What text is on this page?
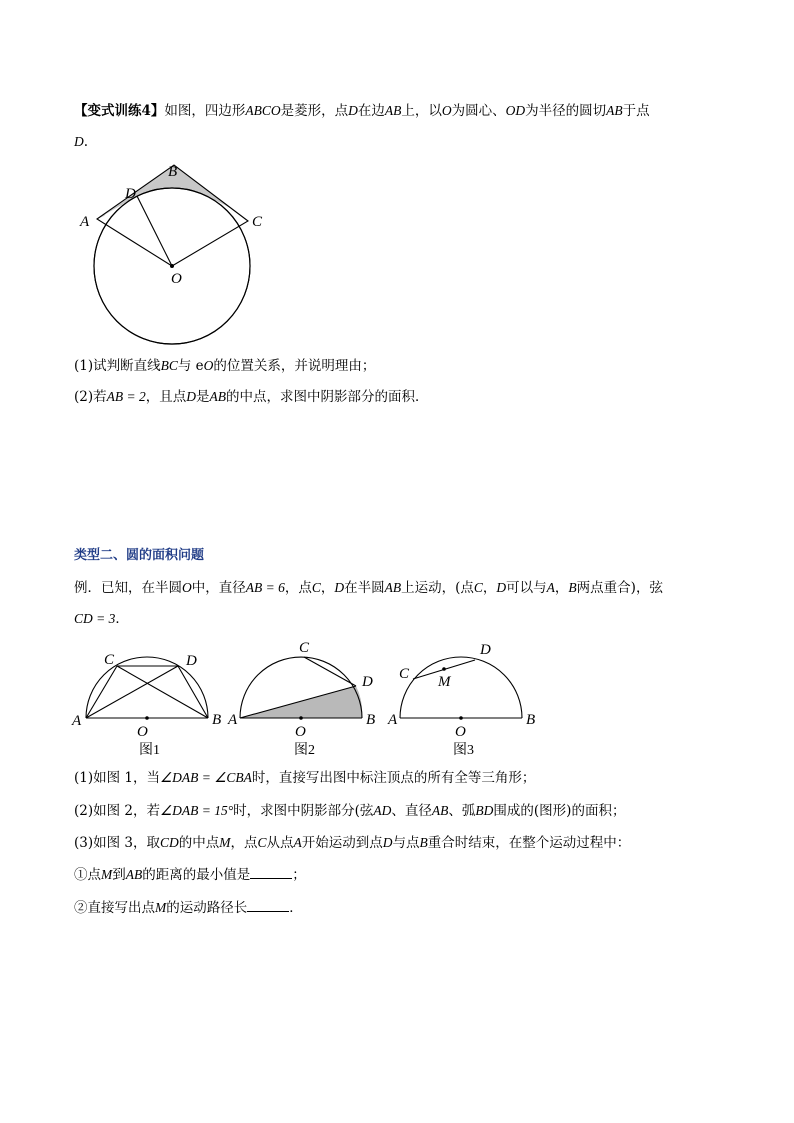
【变式训练4】如图，四边形ABCO是菱形，点D在边AB上，以O为圆心、OD为半径的圆切AB于点
D.
A
B
C
D
O
(1)试判断直线BC与 eO的位置关系，并说明理由；
(2)若AB = 2，且点D是AB的中点，求图中阴影部分的面积．
类型二、圆的面积问题
例．已知，在半圆O中，直径AB = 6，点C，D在半圆AB上运动，(点C，D可以与A，B两点重合)，弦
CD = 3．
A	B
C	D
O
图1
A	B
C
D
O
图2
A	B
C
D
M
O
图3
(1)如图 1，当∠DAB = ∠CBA时，直接写出图中标注顶点的所有全等三角形；
(2)如图 2，若∠DAB = 15°时，求图中阴影部分(弦AD、直径AB、弧BD围成的(图形)的面积；
(3)如图 3，取CD的中点M，点C从点A开始运动到点D与点B重合时结束，在整个运动过程中：
①点M到AB的距离的最小值是	；
②直接写出点M的运动路径长	．
